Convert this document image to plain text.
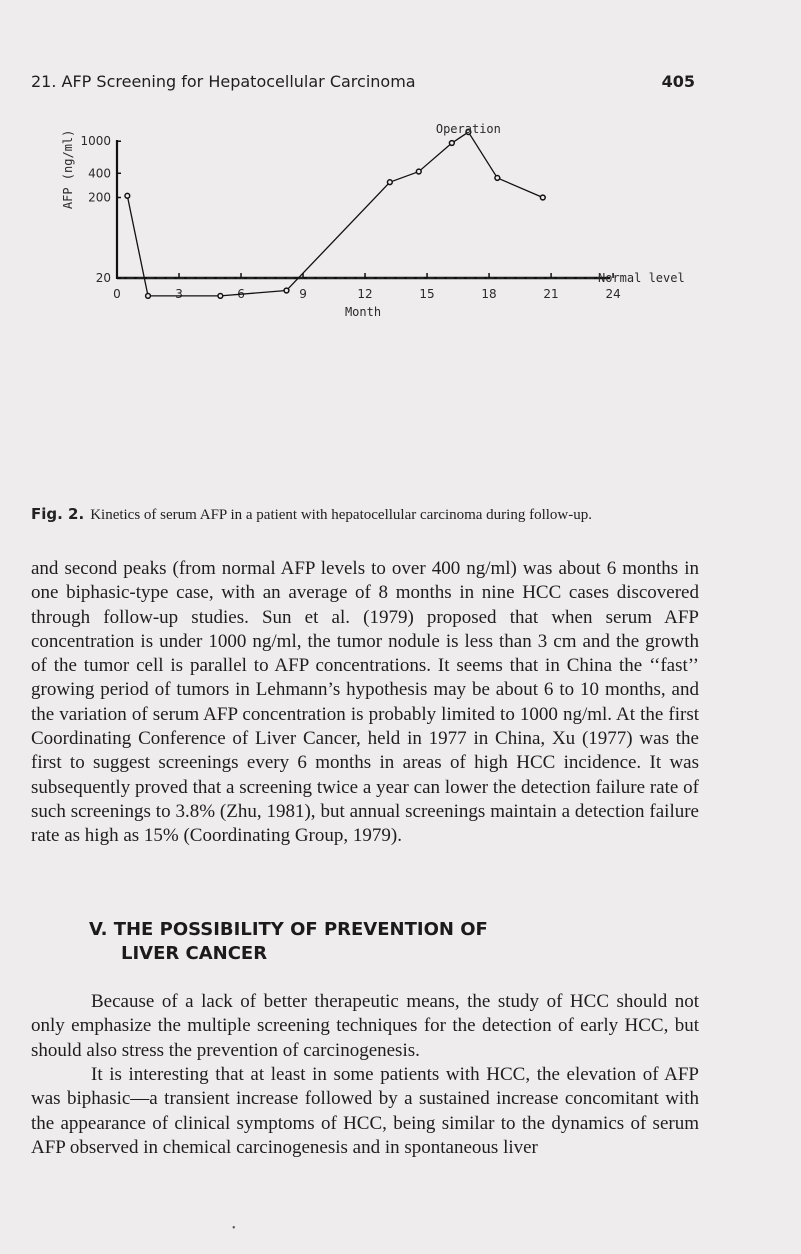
21. AFP Screening for Hepatocellular Carcinoma	405
Normal level
0	3	9	12	15	18	21	24
20
200
400
1000
Operation
Month
AFP (ng/ml)
Fig. 2. Kinetics of serum AFP in a patient with hepatocellular carcinoma during follow-up.

and second peaks (from normal AFP levels to over 400 ng/ml) was about 6 months in one biphasic-type case, with an average of 8 months in nine HCC cases discovered through follow-up studies. Sun et al. (1979) proposed that when serum AFP concentration is under 1000 ng/ml, the tumor nodule is less than 3 cm and the growth of the tumor cell is parallel to AFP concentrations. It seems that in China the ‘‘fast’’ growing period of tumors in Lehmann’s hypothesis may be about 6 to 10 months, and the variation of serum AFP concentration is probably limited to 1000 ng/ml. At the first Coordinating Conference of Liver Cancer, held in 1977 in China, Xu (1977) was the first to suggest screenings every 6 months in areas of high HCC incidence. It was subsequently proved that a screening twice a year can lower the detection failure rate of such screenings to 3.8% (Zhu, 1981), but annual screenings maintain a detection failure rate as high as 15% (Coordinating Group, 1979).

V. THE POSSIBILITY OF PREVENTION OF
LIVER CANCER

Because of a lack of better therapeutic means, the study of HCC should not only emphasize the multiple screening techniques for the detection of early HCC, but should also stress the prevention of carcinogenesis.

It is interesting that at least in some patients with HCC, the elevation of AFP was biphasic—a transient increase followed by a sustained increase concomitant with the appearance of clinical symptoms of HCC, being similar to the dynamics of serum AFP observed in chemical carcinogenesis and in spontaneous liver

•
